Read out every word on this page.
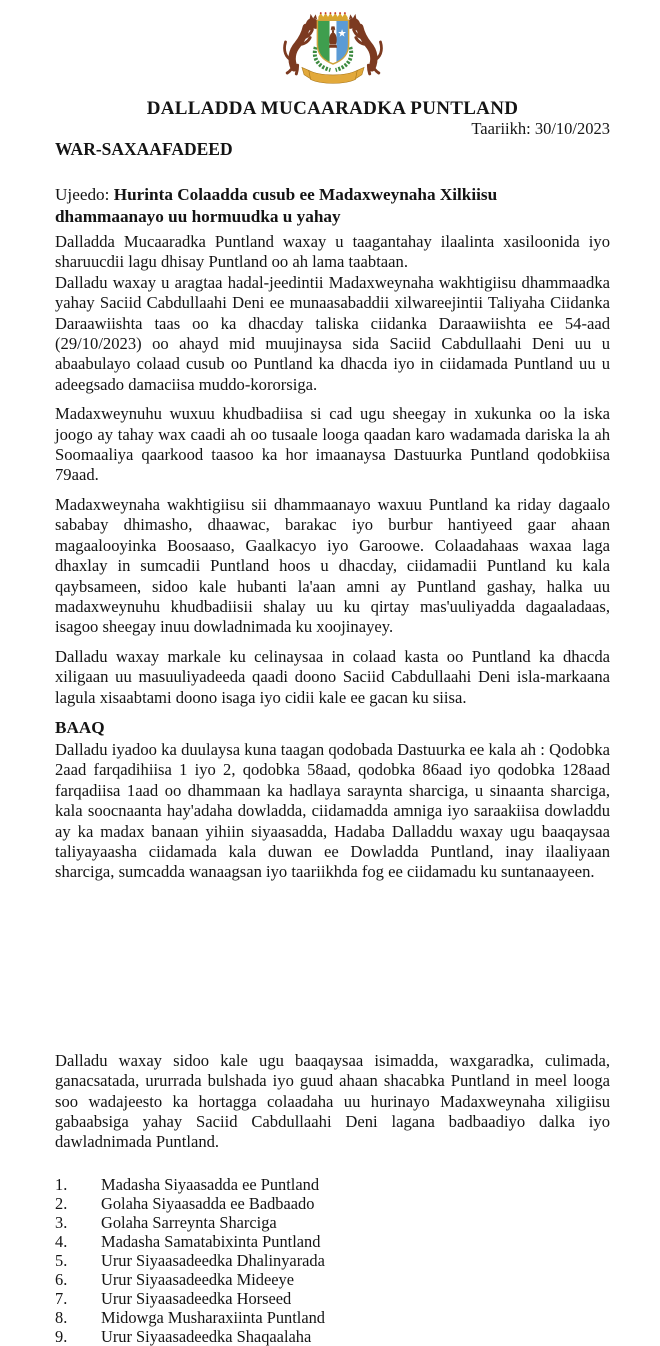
DALLADDA MUCAARADKA PUNTLAND
Taariikh: 30/10/2023
WAR-SAXAAFADEED
Ujeedo: Hurinta Colaadda cusub ee Madaxweynaha Xilkiisu dhammaanayo uu hormuudka u yahay

Dalladda Mucaaradka Puntland waxay u taagantahay ilaalinta xasiloonida iyo sharuucdii lagu dhisay Puntland oo ah lama taabtaan.

Dalladu waxay u aragtaa hadal-jeedintii Madaxweynaha wakhtigiisu dhammaadka yahay Saciid Cabdullaahi Deni ee munaasabaddii xilwareejintii Taliyaha Ciidanka Daraawiishta taas oo ka dhacday taliska ciidanka Daraawiishta ee 54-aad (29/10/2023) oo ahayd mid muujinaysa sida Saciid Cabdullaahi Deni uu u abaabulayo colaad cusub oo Puntland ka dhacda iyo in ciidamada Puntland uu u adeegsado damaciisa muddo-kororsiga.

Madaxweynuhu wuxuu khudbadiisa si cad ugu sheegay in xukunka oo la iska joogo ay tahay wax caadi ah oo tusaale looga qaadan karo wadamada dariska la ah Soomaaliya qaarkood taasoo ka hor imaanaysa Dastuurka Puntland qodobkiisa 79aad.

Madaxweynaha wakhtigiisu sii dhammaanayo waxuu Puntland ka riday dagaalo sababay dhimasho, dhaawac, barakac iyo burbur hantiyeed gaar ahaan magaalooyinka Boosaaso, Gaalkacyo iyo Garoowe. Colaadahaas waxaa laga dhaxlay in sumcadii Puntland hoos u dhacday, ciidamadii Puntland ku kala qaybsameen, sidoo kale hubanti la'aan amni ay Puntland gashay, halka uu madaxweynuhu khudbadiisii shalay uu ku qirtay mas'uuliyadda dagaaladaas, isagoo sheegay inuu dowladnimada ku xoojinayey.

Dalladu waxay markale ku celinaysaa in colaad kasta oo Puntland ka dhacda xiligaan uu masuuliyadeeda qaadi doono Saciid Cabdullaahi Deni isla-markaana lagula xisaabtami doono isaga iyo cidii kale ee gacan ku siisa.

BAAQ

Dalladu iyadoo ka duulaysa kuna taagan qodobada Dastuurka ee kala ah : Qodobka 2aad farqadihiisa 1 iyo 2, qodobka 58aad, qodobka 86aad iyo qodobka 128aad farqadiisa 1aad oo dhammaan ka hadlaya saraynta sharciga, u sinaanta sharciga, kala soocnaanta hay'adaha dowladda, ciidamadda amniga iyo saraakiisa dowladdu ay ka madax banaan yihiin siyaasadda, Hadaba Dalladdu waxay ugu baaqaysaa taliyayaasha ciidamada kala duwan ee Dowladda Puntland, inay ilaaliyaan sharciga, sumcadda wanaagsan iyo taariikhda fog ee ciidamadu ku suntanaayeen.

Dalladu waxay sidoo kale ugu baaqaysaa isimadda, waxgaradka, culimada, ganacsatada, ururrada bulshada iyo guud ahaan shacabka Puntland in meel looga soo wadajeesto ka hortagga colaadaha uu hurinayo Madaxweynaha xiligiisu gabaabsiga yahay Saciid Cabdullaahi Deni lagana badbaadiyo dalka iyo dawladnimada Puntland.

1.	Madasha Siyaasadda ee Puntland
2.	Golaha Siyaasadda ee Badbaado
3.	Golaha Sarreynta Sharciga
4.	Madasha Samatabixinta Puntland
5.	Urur Siyaasadeedka Dhalinyarada
6.	Urur Siyaasadeedka Mideeye
7.	Urur Siyaasadeedka Horseed
8.	Midowga Musharaxiinta Puntland
9.	Urur Siyaasadeedka Shaqaalaha
